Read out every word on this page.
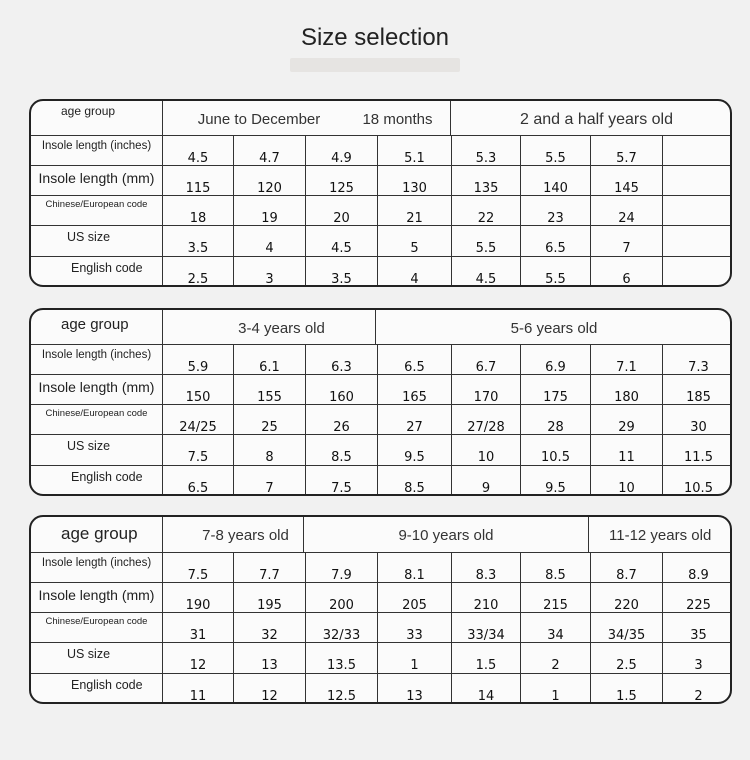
Size selection
age group	June to December	18 months	2 and a half years old
Insole length (inches)
4.5	4.7	4.9	5.1	5.3	5.5	5.7
Insole length (mm)
115	120	125	130	135	140	145
Chinese/European code
18	19	20	21	22	23	24
US size
3.5	4	4.5	5	5.5	6.5	7
English code
2.5	3	3.5	4	4.5	5.5	6
age group	3-4 years old	5-6 years old
Insole length (inches)
5.9	6.1	6.3	6.5	6.7	6.9	7.1	7.3
Insole length (mm)
150	155	160	165	170	175	180	185
Chinese/European code
24/25	25	26	27	27/28	28	29	30
US size
7.5	8	8.5	9.5	10	10.5	11	11.5
English code
6.5	7	7.5	8.5	9	9.5	10	10.5
age group	7-8 years old	9-10 years old	11-12 years old
Insole length (inches)
7.5	7.7	7.9	8.1	8.3	8.5	8.7	8.9
Insole length (mm)
190	195	200	205	210	215	220	225
Chinese/European code
31	32	32/33	33	33/34	34	34/35	35
US size
12	13	13.5	1	1.5	2	2.5	3
English code
11	12	12.5	13	14	1	1.5	2
